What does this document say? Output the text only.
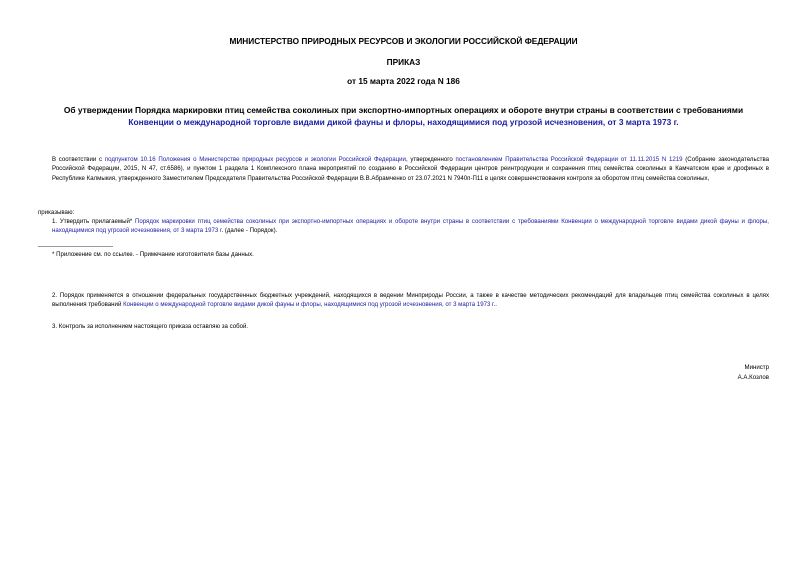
МИНИСТЕРСТВО ПРИРОДНЫХ РЕСУРСОВ И ЭКОЛОГИИ РОССИЙСКОЙ ФЕДЕРАЦИИ
ПРИКАЗ
от 15 марта 2022 года N 186
Об утверждении Порядка маркировки птиц семейства соколиных при экспортно-импортных операциях и обороте внутри страны в соответствии с требованиями
Конвенции о международной торговле видами дикой фауны и флоры, находящимися под угрозой исчезновения, от 3 марта 1973 г.
В соответствии с подпунктом 10.16 Положения о Министерстве природных ресурсов и экологии Российской Федерации, утвержденного постановлением Правительства Российской Федерации от 11.11.2015 N 1219 (Собрание законодательства Российской Федерации, 2015, N 47, ст.6586), и пунктом 1 раздела 1 Комплексного плана мероприятий по созданию в Российской Федерации центров реинтродукции и сохранения птиц семейства соколиных в Камчатском крае и дрофиных в Республике Калмыкия, утвержденного Заместителем Председателя Правительства Российской Федерации В.В.Абрамченко от 23.07.2021 N 7940п-П11 в целях совершенствования контроля за оборотом птиц семейства соколиных,
приказываю:
1. Утвердить прилагаемый* Порядок маркировки птиц семейства соколиных при экспортно-импортных операциях и обороте внутри страны в соответствии с требованиями Конвенции о международной торговле видами дикой фауны и флоры, находящимися под угрозой исчезновения, от 3 марта 1973 г. (далее - Порядок).
* Приложение см. по ссылке. - Примечание изготовителя базы данных.
2. Порядок применяется в отношении федеральных государственных бюджетных учреждений, находящихся в ведении Минприроды России, а также в качестве методических рекомендаций для владельцев птиц семейства соколиных в целях выполнения требований Конвенции о международной торговле видами дикой фауны и флоры, находящимися под угрозой исчезновения, от 3 марта 1973 г..
3. Контроль за исполнением настоящего приказа оставляю за собой.
Министр
А.А.Козлов
